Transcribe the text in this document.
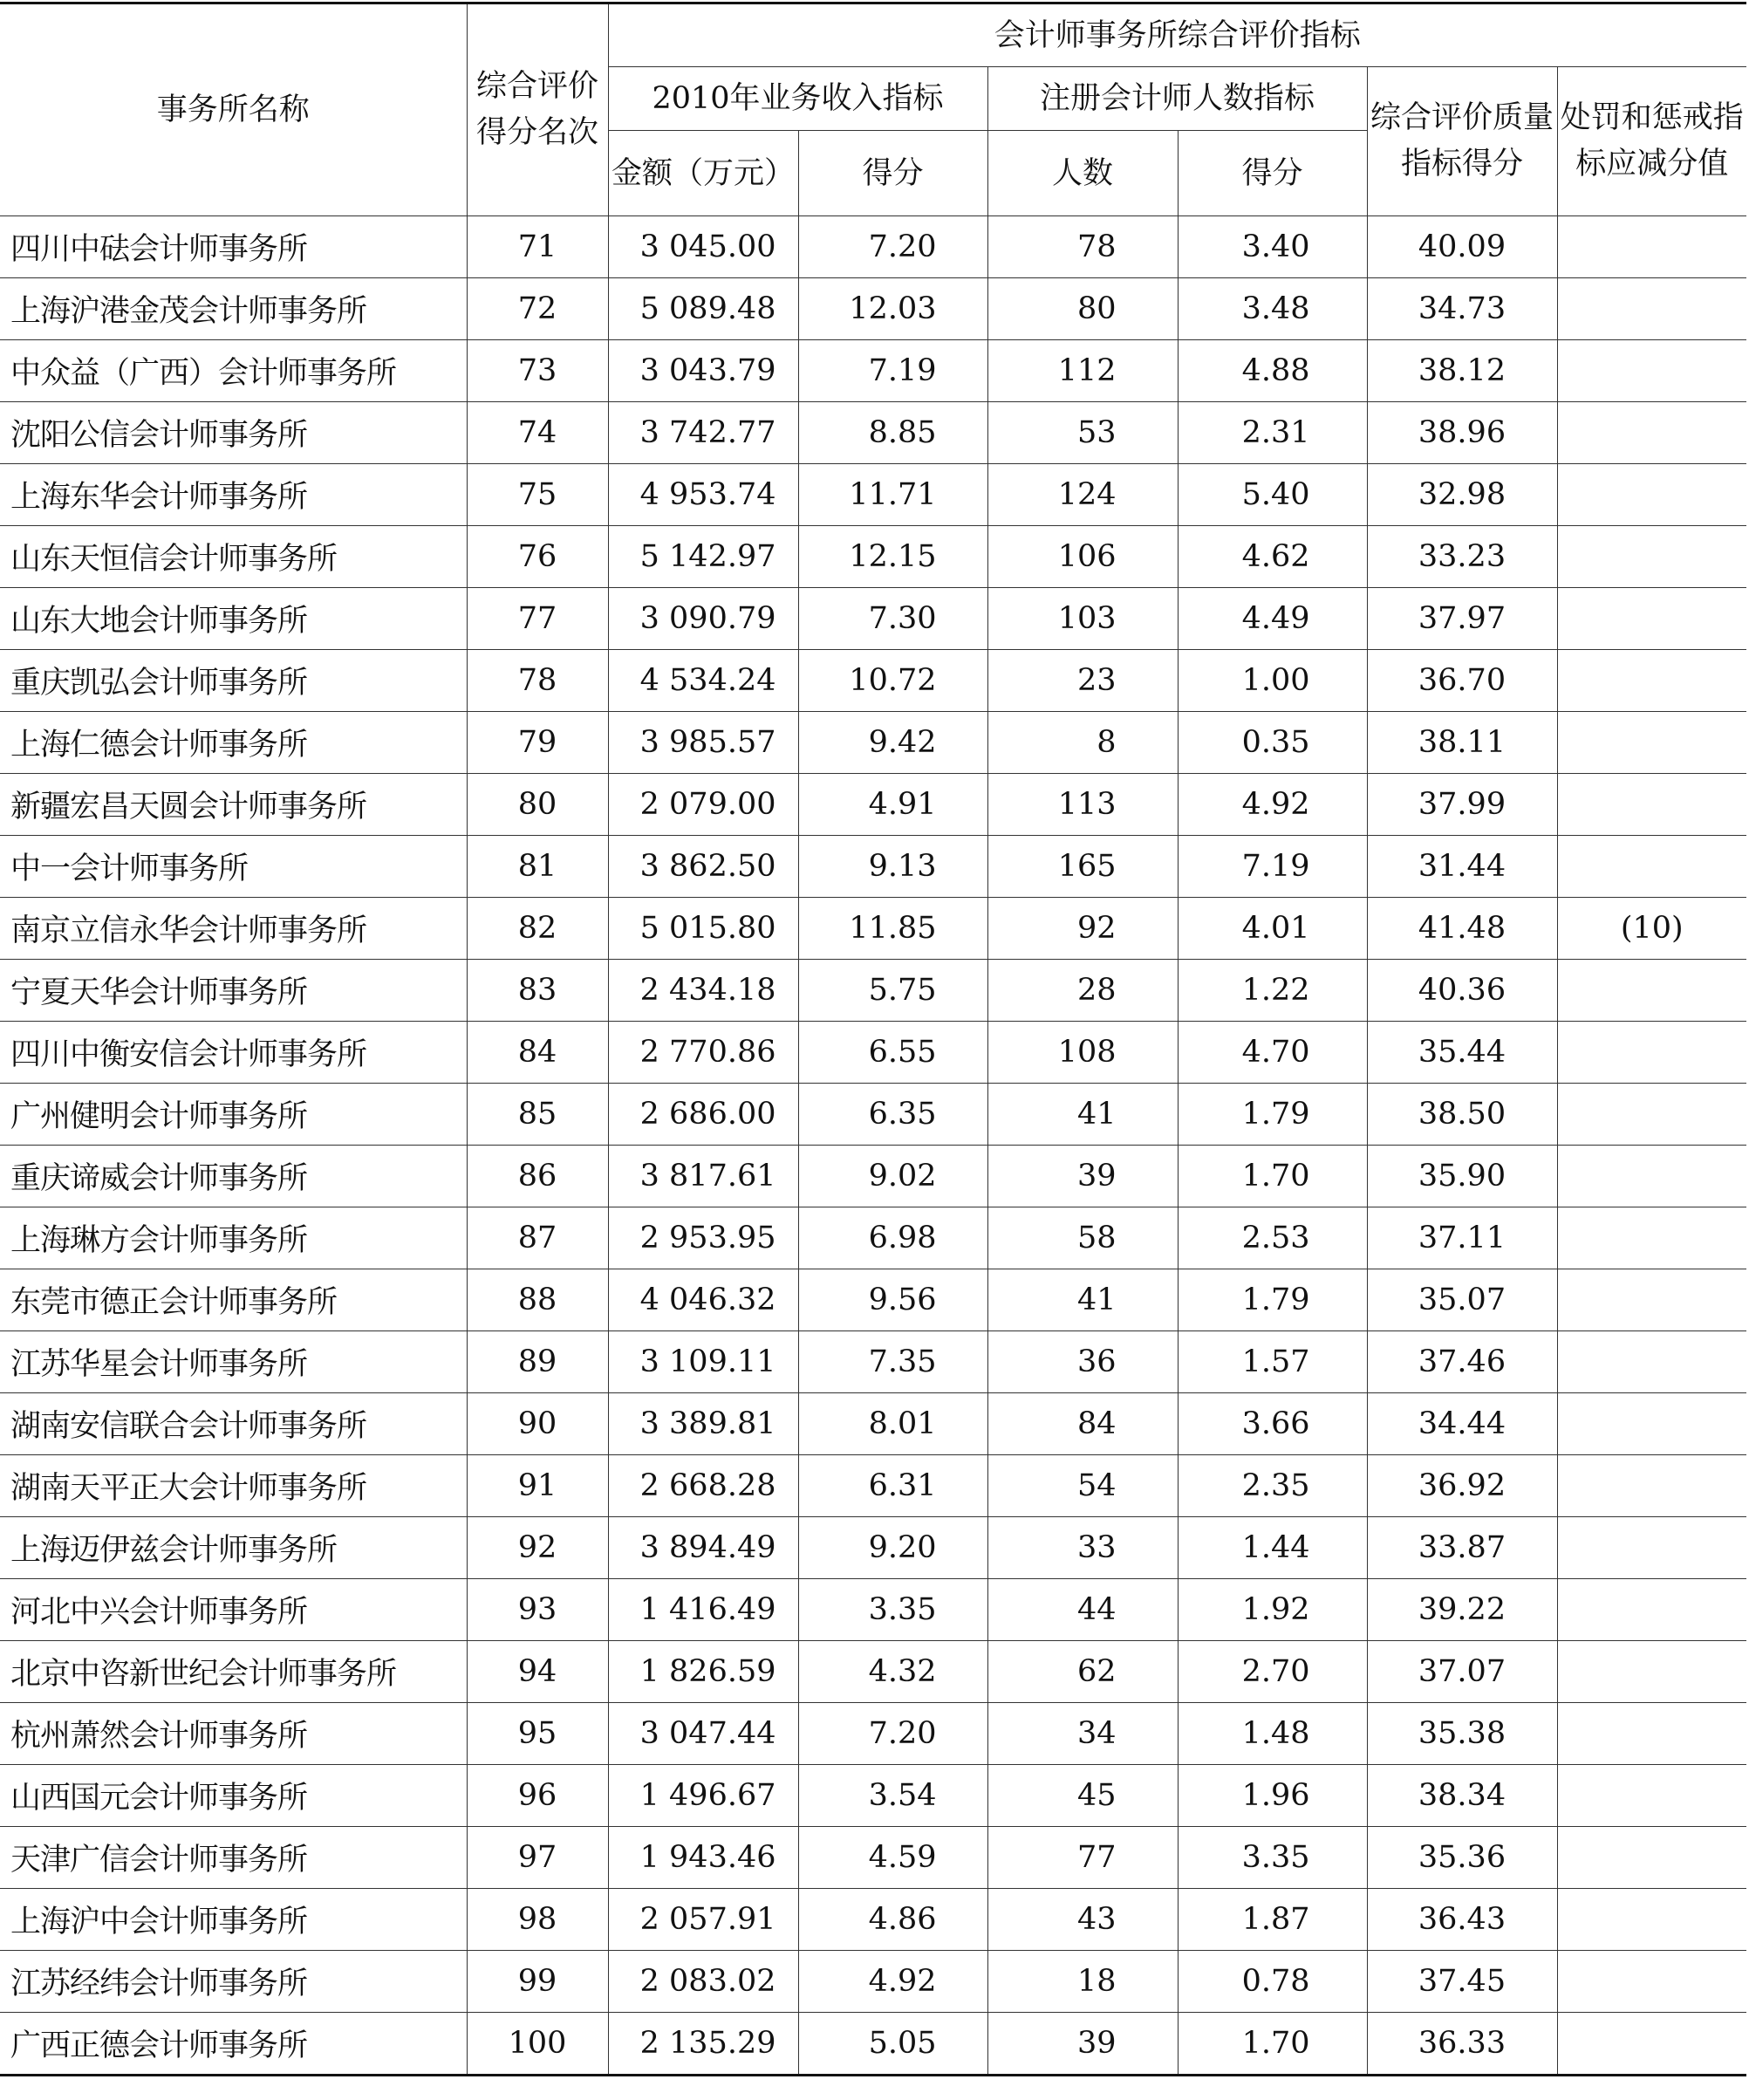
事务所名称	综合评价得分名次	会计师事务所综合评价指标					
		2010年业务收入指标		注册会计师人数指标		综合评价质量指标得分	处罚和惩戒指标应减分值
		金额（万元）	得分	人数	得分		
四川中砝会计师事务所	71	3 045.00	7.20	78	3.40	40.09	
上海沪港金茂会计师事务所	72	5 089.48	12.03	80	3.48	34.73	
中众益（广西）会计师事务所	73	3 043.79	7.19	112	4.88	38.12	
沈阳公信会计师事务所	74	3 742.77	8.85	53	2.31	38.96	
上海东华会计师事务所	75	4 953.74	11.71	124	5.40	32.98	
山东天恒信会计师事务所	76	5 142.97	12.15	106	4.62	33.23	
山东大地会计师事务所	77	3 090.79	7.30	103	4.49	37.97	
重庆凯弘会计师事务所	78	4 534.24	10.72	23	1.00	36.70	
上海仁德会计师事务所	79	3 985.57	9.42	8	0.35	38.11	
新疆宏昌天圆会计师事务所	80	2 079.00	4.91	113	4.92	37.99	
中一会计师事务所	81	3 862.50	9.13	165	7.19	31.44	
南京立信永华会计师事务所	82	5 015.80	11.85	92	4.01	41.48	(10)
宁夏天华会计师事务所	83	2 434.18	5.75	28	1.22	40.36	
四川中衡安信会计师事务所	84	2 770.86	6.55	108	4.70	35.44	
广州健明会计师事务所	85	2 686.00	6.35	41	1.79	38.50	
重庆谛威会计师事务所	86	3 817.61	9.02	39	1.70	35.90	
上海琳方会计师事务所	87	2 953.95	6.98	58	2.53	37.11	
东莞市德正会计师事务所	88	4 046.32	9.56	41	1.79	35.07	
江苏华星会计师事务所	89	3 109.11	7.35	36	1.57	37.46	
湖南安信联合会计师事务所	90	3 389.81	8.01	84	3.66	34.44	
湖南天平正大会计师事务所	91	2 668.28	6.31	54	2.35	36.92	
上海迈伊兹会计师事务所	92	3 894.49	9.20	33	1.44	33.87	
河北中兴会计师事务所	93	1 416.49	3.35	44	1.92	39.22	
北京中咨新世纪会计师事务所	94	1 826.59	4.32	62	2.70	37.07	
杭州萧然会计师事务所	95	3 047.44	7.20	34	1.48	35.38	
山西国元会计师事务所	96	1 496.67	3.54	45	1.96	38.34	
天津广信会计师事务所	97	1 943.46	4.59	77	3.35	35.36	
上海沪中会计师事务所	98	2 057.91	4.86	43	1.87	36.43	
江苏经纬会计师事务所	99	2 083.02	4.92	18	0.78	37.45	
广西正德会计师事务所	100	2 135.29	5.05	39	1.70	36.33	
